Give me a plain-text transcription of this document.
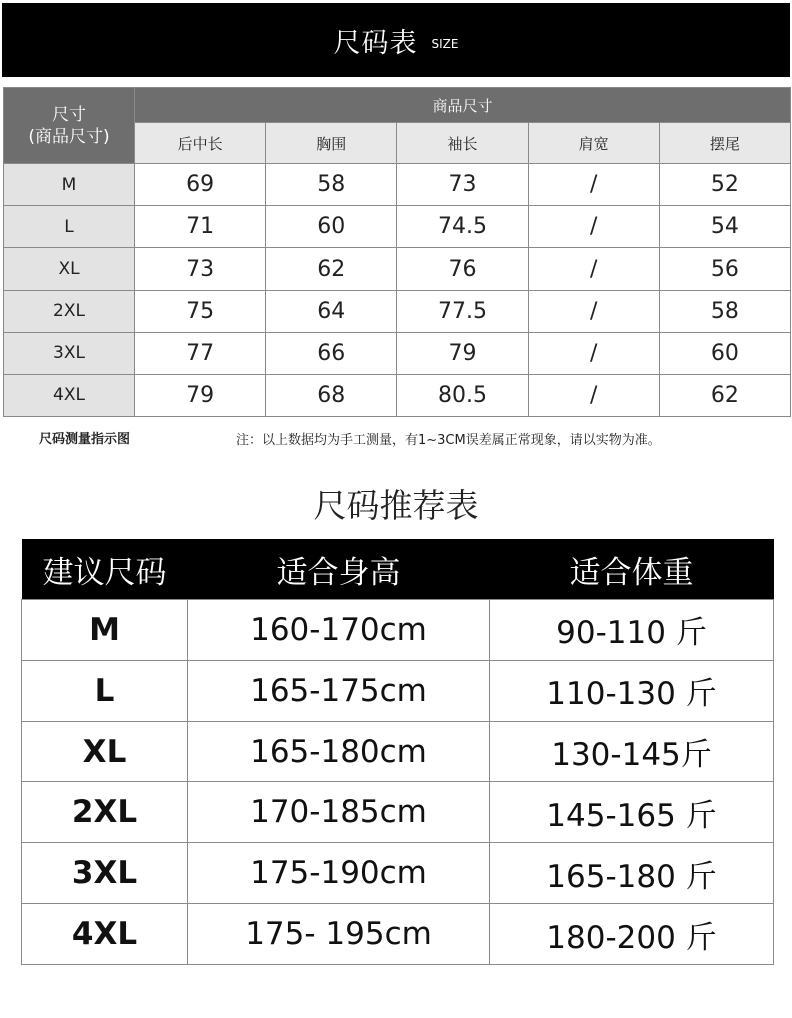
尺码表 SIZE
尺寸
(商品尺寸)	商品尺寸				
	后中长	胸围	袖长	肩宽	摆尾
M	69	58	73	/	52
L	71	60	74.5	/	54
XL	73	62	76	/	56
2XL	75	64	77.5	/	58
3XL	77	66	79	/	60
4XL	79	68	80.5	/	62
尺码测量指示图	注：以上数据均为手工测量，有1~3CM误差属正常现象，请以实物为准。
尺码推荐表
建议尺码	适合身高	适合体重
M	160-170cm	90-110 斤
L	165-175cm	110-130 斤
XL	165-180cm	130-145斤
2XL	170-185cm	145-165 斤
3XL	175-190cm	165-180 斤
4XL	175- 195cm	180-200 斤
